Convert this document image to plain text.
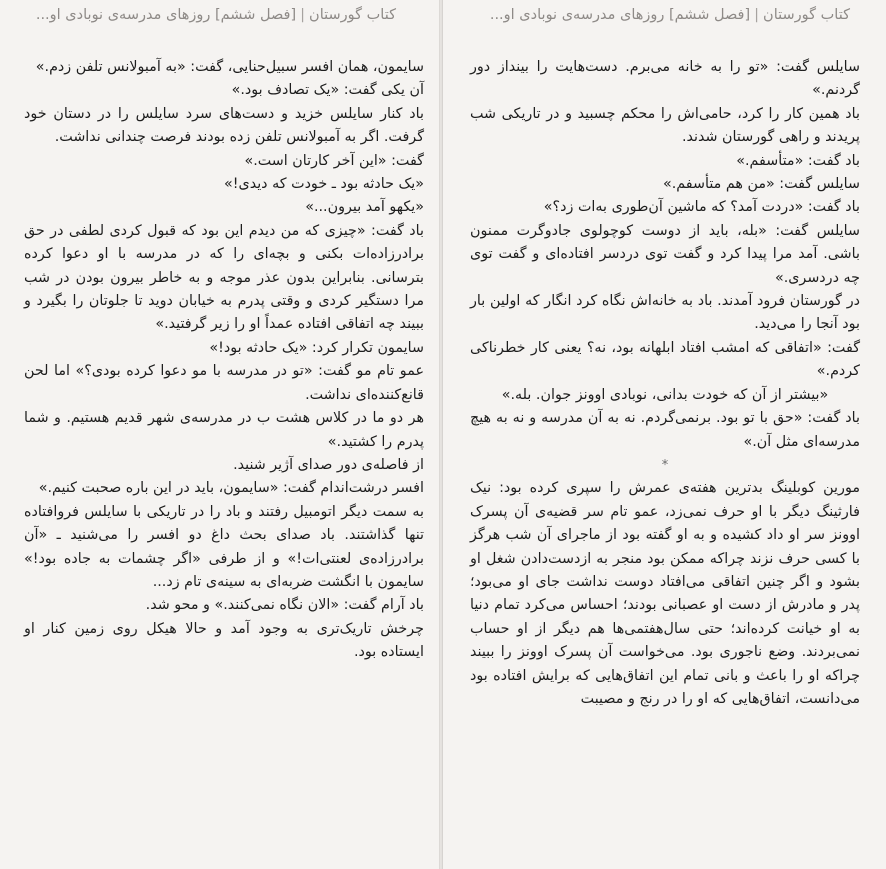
کتاب گورستان|[فصل ششم] روزهای مدرسه‌ی نوبادی او...

سایمون، همان افسر سبیل‌حنایی، گفت: «به آمبولانس تلفن زدم.»

آن یکی گفت: «یک تصادف بود.»

باد کنار سایلس خزید و دست‌های سرد سایلس را در دستان خود گرفت. اگر به آمبولانس تلفن زده بودند فرصت چندانی نداشت.

گفت: «این آخر کارتان است.»

«یک حادثه بود ـ خودت که دیدی!»

«یکهو آمد بیرون...»

باد گفت: «چیزی که من دیدم این بود که قبول کردی لطفی در حق برادرزاده‌ات بکنی و بچه‌ای را که در مدرسه با او دعوا کرده بترسانی. بنابراین بدون عذر موجه و به خاطر بیرون بودن در شب مرا دستگیر کردی و وقتی پدرم به خیابان دوید تا جلوتان را بگیرد و ببیند چه اتفاقی افتاده عمداً او را زیر گرفتید.»

سایمون تکرار کرد: «یک حادثه بود!»

عمو تام مو گفت: «تو در مدرسه با مو دعوا کرده بودی؟» اما لحن قانع‌کننده‌ای نداشت.

هر دو ما در کلاس هشت ب در مدرسه‌ی شهر قدیم هستیم. و شما پدرم را کشتید.»

از فاصله‌ی دور صدای آژیر شنید.

افسر درشت‌اندام گفت: «سایمون، باید در این باره صحبت کنیم.»

به سمت دیگر اتومبیل رفتند و باد را در تاریکی با سایلس فروافتاده تنها گذاشتند. باد صدای بحث داغ دو افسر را می‌شنید ـ «آن برادرزاده‌ی لعنتی‌ات!» و از طرفی «اگر چشمات به جاده بود!» سایمون با انگشت ضربه‌ای به سینه‌ی تام زد...

باد آرام گفت: «الان نگاه نمی‌کنند.» و محو شد.

چرخش تاریک‌تری به وجود آمد و حالا هیکل روی زمین کنار او ایستاده بود.

کتاب گورستان|[فصل ششم] روزهای مدرسه‌ی نوبادی او...

سایلس گفت: «تو را به خانه می‌برم. دست‌هایت را بینداز دور گردنم.»

باد همین کار را کرد، حامی‌اش را محکم چسبید و در تاریکی شب پریدند و راهی گورستان شدند.

باد گفت: «متأسفم.»

سایلس گفت: «من هم متأسفم.»

باد گفت: «دردت آمد؟ که ماشین آن‌طوری به‌ات زد؟»

سایلس گفت: «بله، باید از دوست کوچولوی جادوگرت ممنون باشی. آمد مرا پیدا کرد و گفت توی دردسر افتاده‌ای و گفت توی چه دردسری.»

در گورستان فرود آمدند. باد به خانه‌اش نگاه کرد انگار که اولین بار بود آنجا را می‌دید.

گفت: «اتفاقی که امشب افتاد ابلهانه بود، نه؟ یعنی کار خطرناکی کردم.»

«بیشتر از آن که خودت بدانی، نوبادی اوونز جوان. بله.»

باد گفت: «حق با تو بود. برنمی‌گردم. نه به آن مدرسه و نه به هیچ مدرسه‌ای مثل آن.»

*

مورین کوبلینگ بدترین هفته‌ی عمرش را سپری کرده بود: نیک فارثینگ دیگر با او حرف نمی‌زد، عمو تام سر قضیه‌ی آن پسرک اوونز سر او داد کشیده و به او گفته بود از ماجرای آن شب هرگز با کسی حرف نزند چراکه ممکن بود منجر به ازدست‌دادن شغل او بشود و اگر چنین اتفاقی می‌افتاد دوست نداشت جای او می‌بود؛ پدر و مادرش از دست او عصبانی بودند؛ احساس می‌کرد تمام دنیا به او خیانت کرده‌اند؛ حتی سال‌هفتمی‌ها هم دیگر از او حساب نمی‌بردند. وضع ناجوری بود. می‌خواست آن پسرک اوونز را ببیند چراکه او را باعث و بانی تمام این اتفاق‌هایی که برایش افتاده بود می‌دانست، اتفاق‌هایی که او را در رنج و مصیبت
